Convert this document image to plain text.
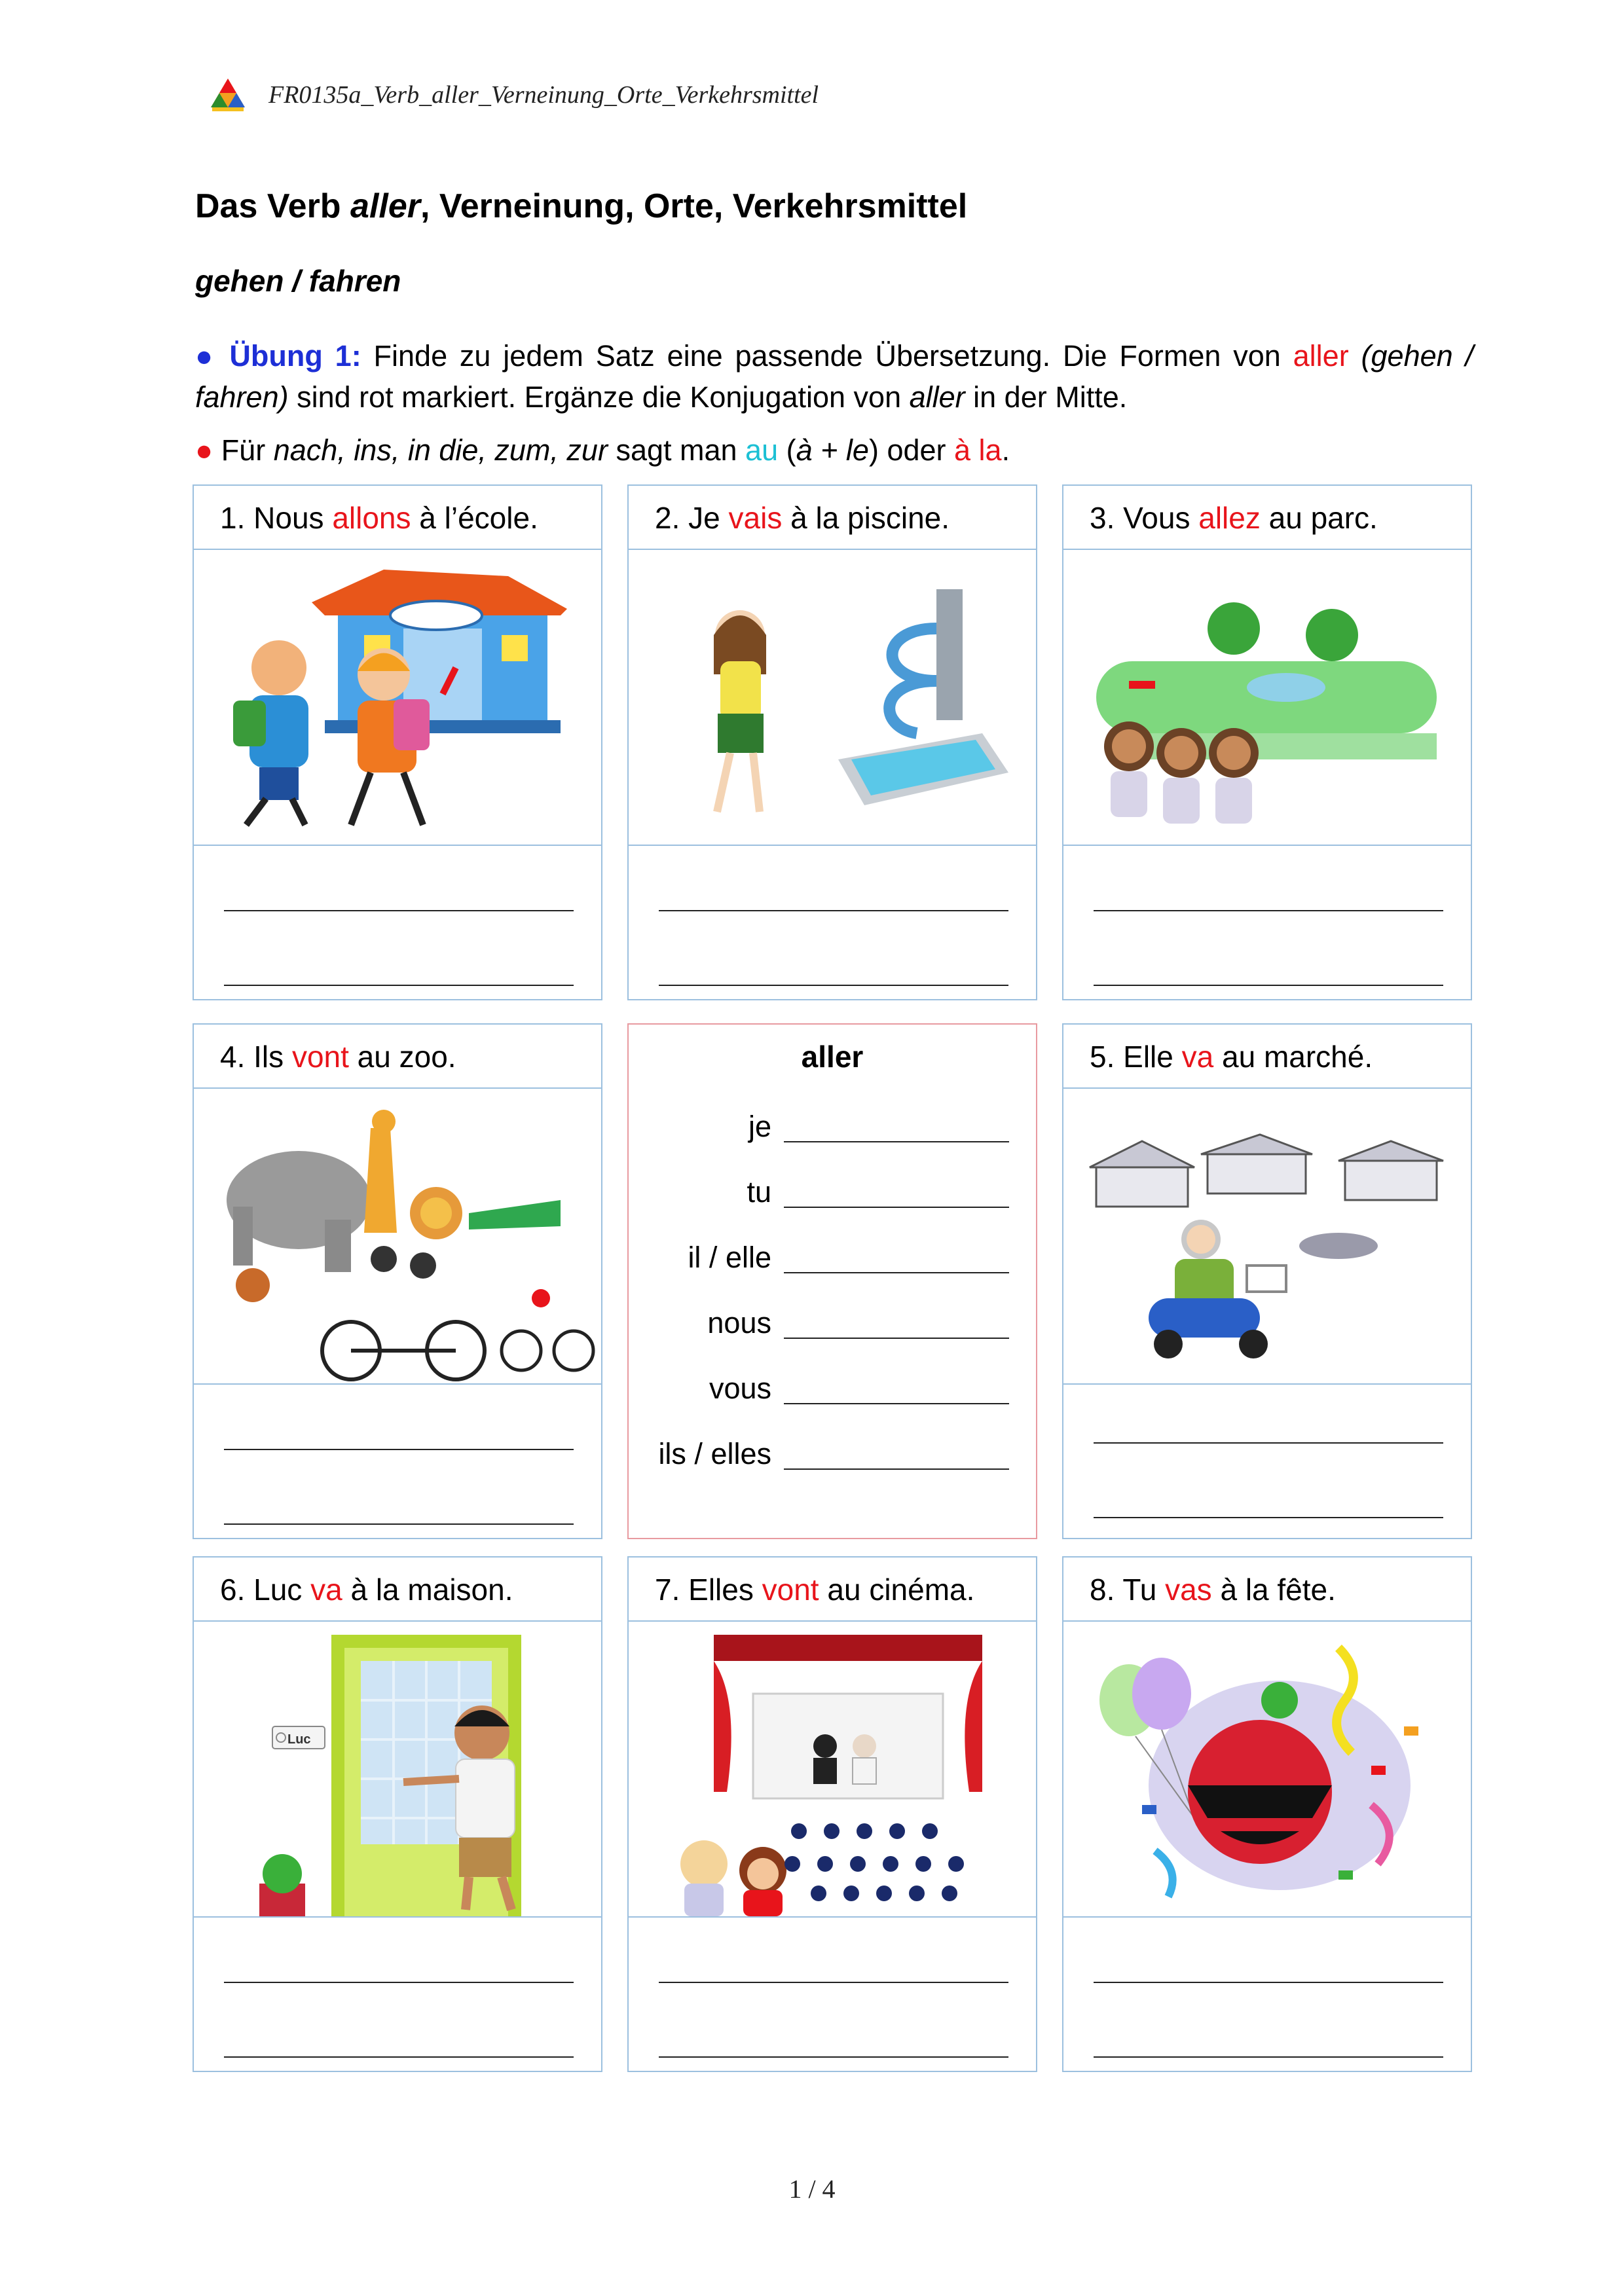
FR0135a_Verb_aller_Verneinung_Orte_Verkehrsmittel
Das Verb aller, Verneinung, Orte, Verkehrsmittel
gehen / fahren
● Übung 1: Finde zu jedem Satz eine passende Übersetzung. Die Formen von aller (gehen / fahren) sind rot markiert. Ergänze die Konjugation von aller in der Mitte.
● Für nach, ins, in die, zum, zur sagt man au (à + le) oder à la.
1. Nous allons à l’école.	2. Je vais à la piscine.	3. Vous allez au parc.
4. Ils vont au zoo.	aller
je
tu
il / elle
nous
vous
ils / elles
5. Elle va au marché.
6. Luc va à la maison.
Luc
7. Elles vont au cinéma.	8. Tu vas à la fête.
1 / 4
